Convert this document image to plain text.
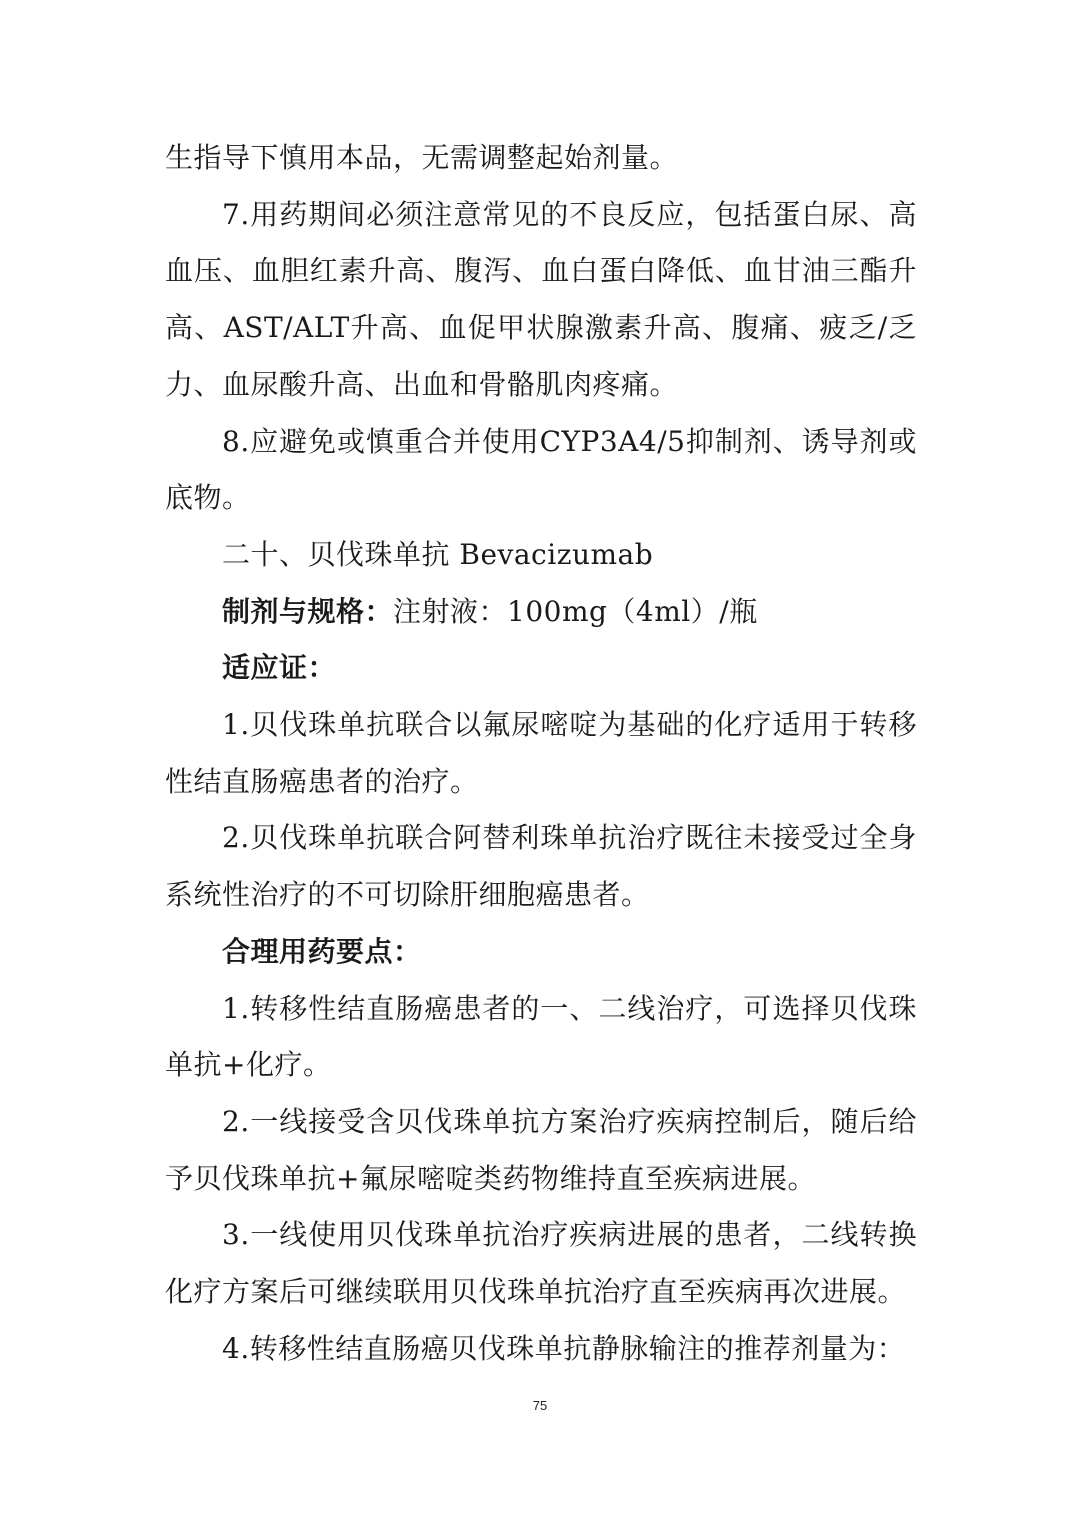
生指导下慎用本品，无需调整起始剂量。

7.用药期间必须注意常见的不良反应，包括蛋白尿、高血压、血胆红素升高、腹泻、血白蛋白降低、血甘油三酯升高、AST/ALT升高、血促甲状腺激素升高、腹痛、疲乏/乏力、血尿酸升高、出血和骨骼肌肉疼痛。

8.应避免或慎重合并使用CYP3A4/5抑制剂、诱导剂或底物。

二十、贝伐珠单抗 Bevacizumab

制剂与规格：注射液：100mg（4ml）/瓶

适应证：

1.贝伐珠单抗联合以氟尿嘧啶为基础的化疗适用于转移性结直肠癌患者的治疗。

2.贝伐珠单抗联合阿替利珠单抗治疗既往未接受过全身系统性治疗的不可切除肝细胞癌患者。

合理用药要点：

1.转移性结直肠癌患者的一、二线治疗，可选择贝伐珠单抗+化疗。

2.一线接受含贝伐珠单抗方案治疗疾病控制后，随后给予贝伐珠单抗+氟尿嘧啶类药物维持直至疾病进展。

3.一线使用贝伐珠单抗治疗疾病进展的患者，二线转换化疗方案后可继续联用贝伐珠单抗治疗直至疾病再次进展。

4.转移性结直肠癌贝伐珠单抗静脉输注的推荐剂量为：

75
